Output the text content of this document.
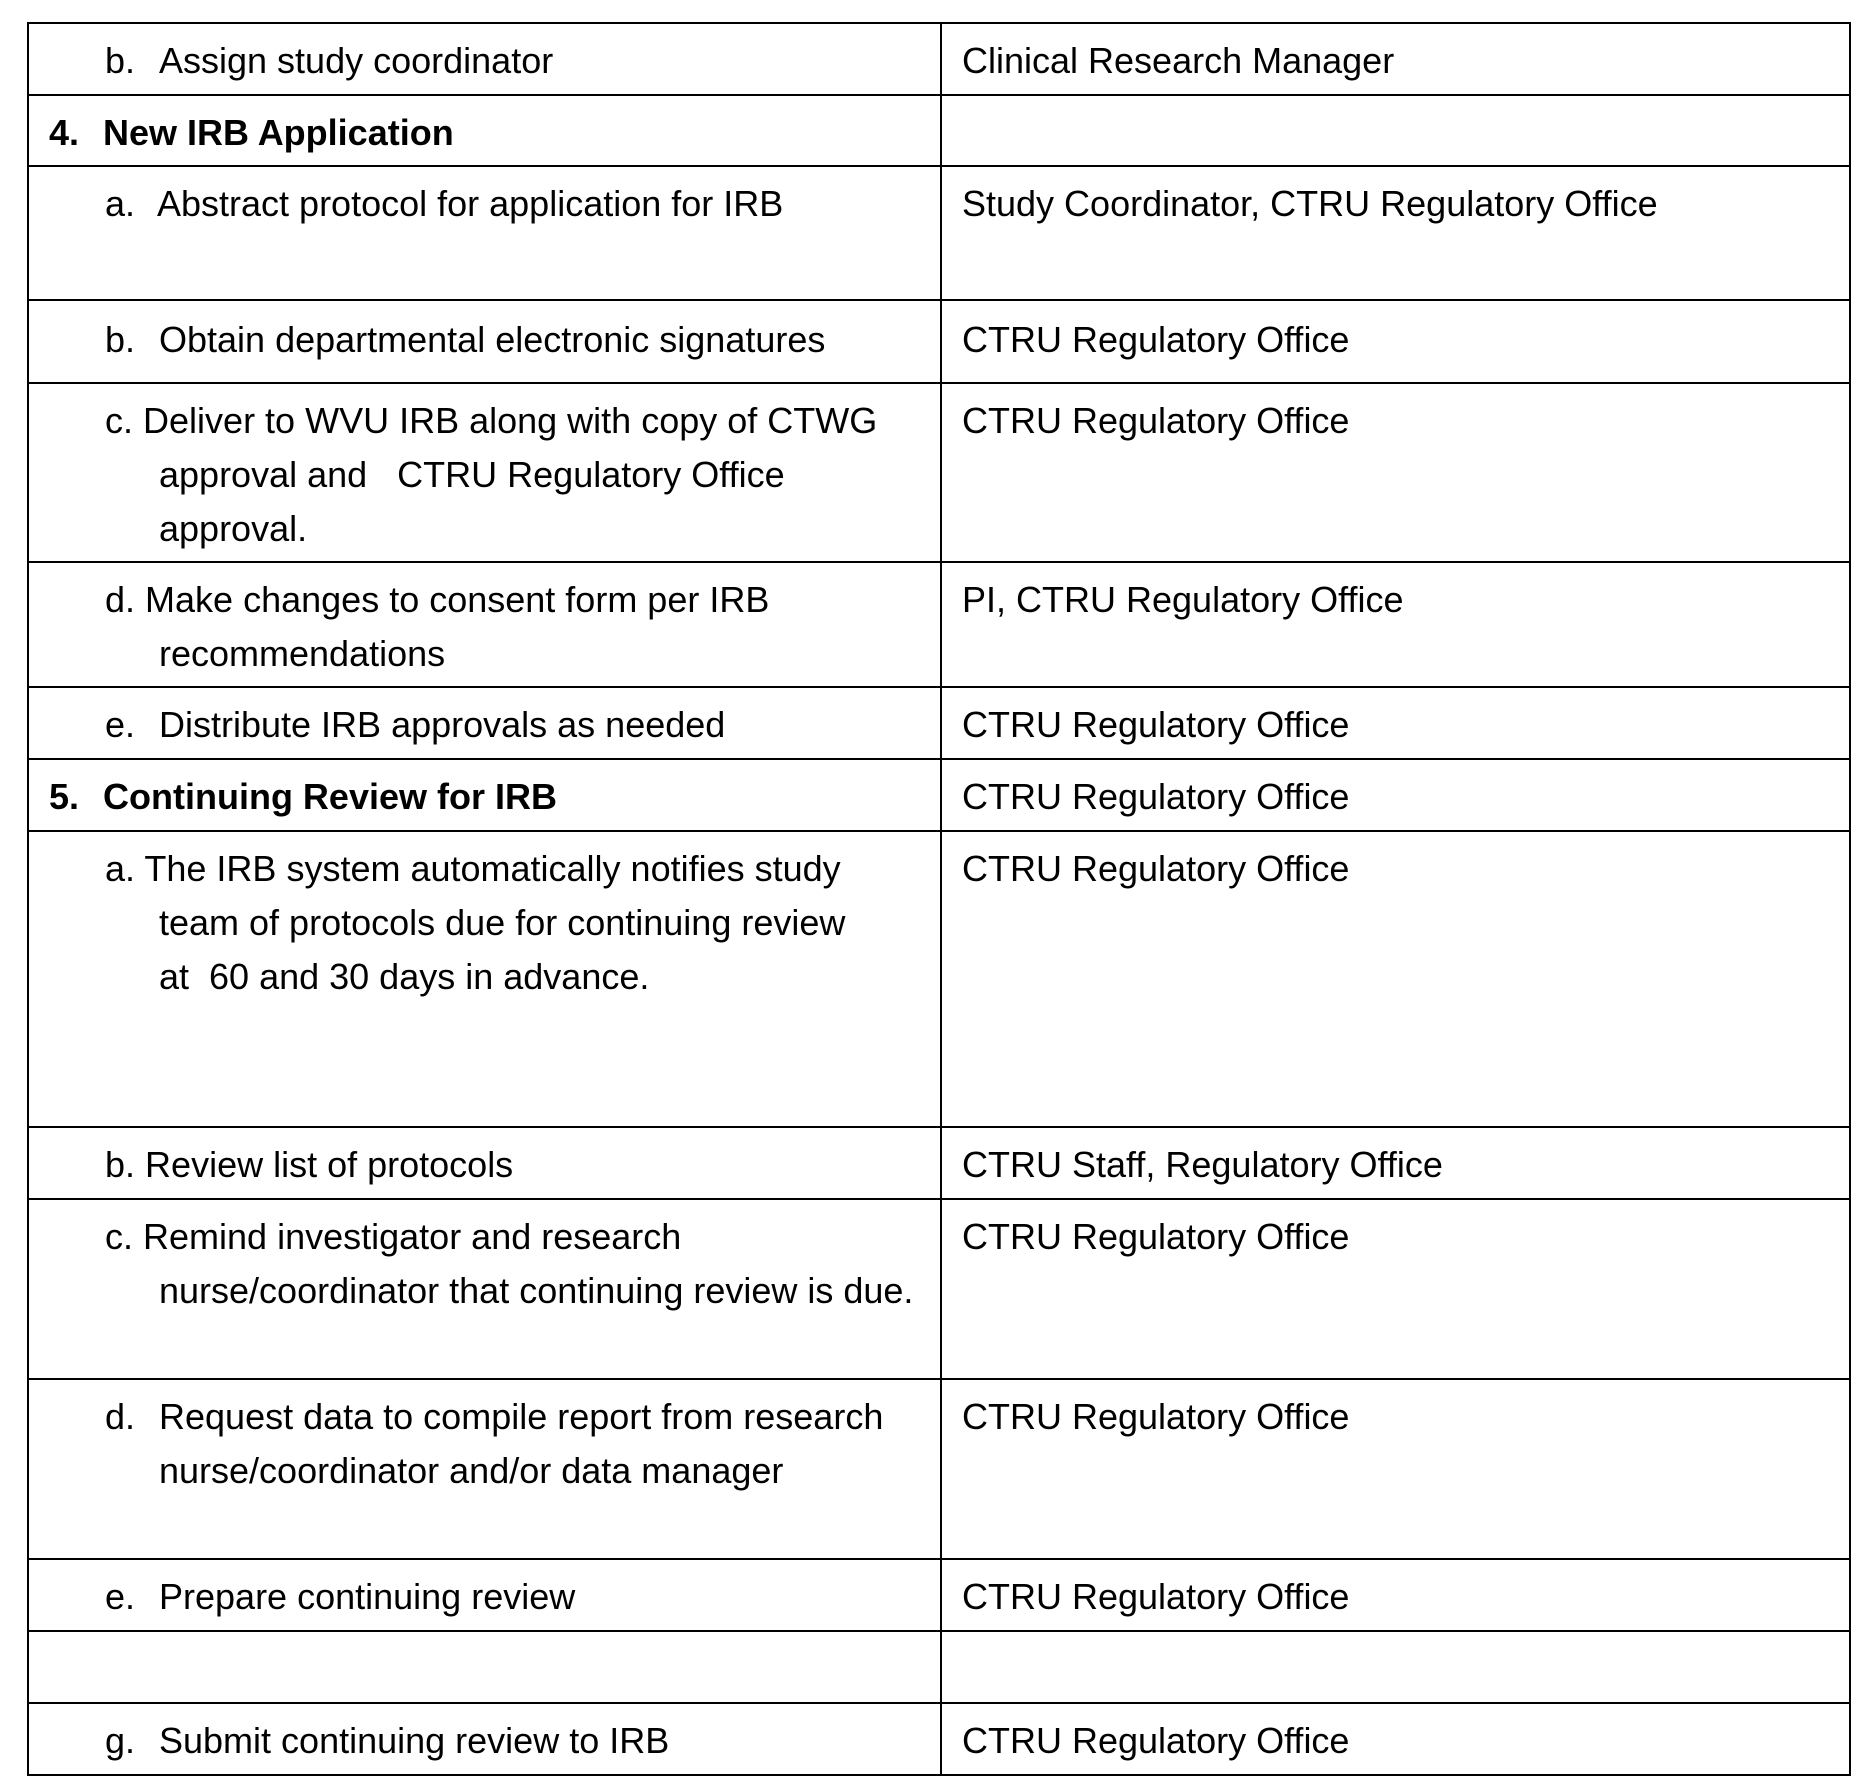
b. Assign study coordinator	Clinical Research Manager

4. New IRB Application	

a. Abstract protocol for application for IRB	Study Coordinator, CTRU Regulatory Office

b. Obtain departmental electronic signatures	CTRU Regulatory Office

c. Deliver to WVU IRB along with copy of CTWG approval and   CTRU Regulatory Office approval.	CTRU Regulatory Office

d. Make changes to consent form per IRB recommendations	PI, CTRU Regulatory Office

e. Distribute IRB approvals as needed	CTRU Regulatory Office

5. Continuing Review for IRB	CTRU Regulatory Office

a. The IRB system automatically notifies study team of protocols due for continuing review at  60 and 30 days in advance.	CTRU Regulatory Office

b. Review list of protocols	CTRU Staff, Regulatory Office

c. Remind investigator and research nurse/coordinator that continuing review is due.	CTRU Regulatory Office

d. Request data to compile report from research nurse/coordinator and/or data manager	CTRU Regulatory Office

e. Prepare continuing review	CTRU Regulatory Office

g. Submit continuing review to IRB	CTRU Regulatory Office
